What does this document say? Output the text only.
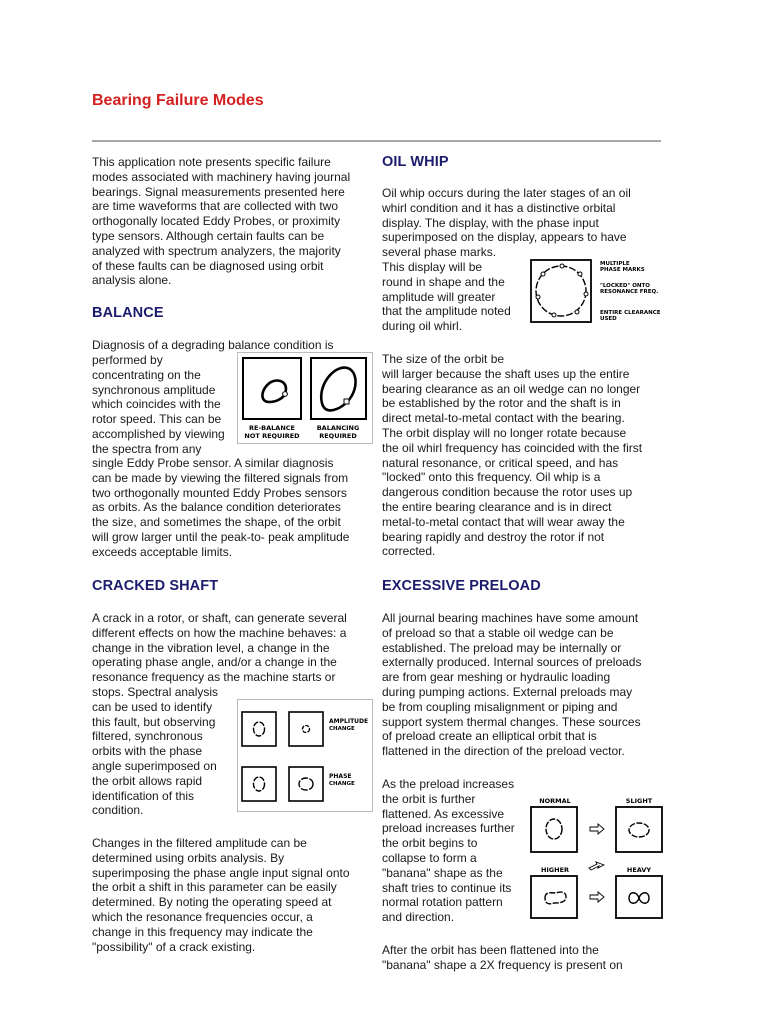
Bearing Failure Modes
This application note presents specific failure
modes associated with machinery having journal
bearings. Signal measurements presented here
are time waveforms that are collected with two
orthogonally located Eddy Probes, or proximity
type sensors. Although certain faults can be
analyzed with spectrum analyzers, the majority
of these faults can be diagnosed using orbit
analysis alone.
BALANCE
Diagnosis of a degrading balance condition is
performed by
concentrating on the
synchronous amplitude
which coincides with the
rotor speed. This can be
accomplished by viewing
the spectra from any
single Eddy Probe sensor. A similar diagnosis
can be made by viewing the filtered signals from
two orthogonally mounted Eddy Probes sensors
as orbits. As the balance condition deteriorates
the size, and sometimes the shape, of the orbit
will grow larger until the peak-to- peak amplitude
exceeds acceptable limits.
RE-BALANCE
NOT REQUIRED
BALANCING
REQUIRED
CRACKED SHAFT
A crack in a rotor, or shaft, can generate several
different effects on how the machine behaves: a
change in the vibration level, a change in the
operating phase angle, and/or a change in the
resonance frequency as the machine starts or
stops. Spectral analysis
can be used to identify
this fault, but observing
filtered, synchronous
orbits with the phase
angle superimposed on
the orbit allows rapid
identification of this
condition.
AMPLITUDE
CHANGE
PHASE
CHANGE
Changes in the filtered amplitude can be
determined using orbits analysis. By
superimposing the phase angle input signal onto
the orbit a shift in this parameter can be easily
determined. By noting the operating speed at
which the resonance frequencies occur, a
change in this frequency may indicate the
"possibility" of a crack existing.
OIL WHIP
Oil whip occurs during the later stages of an oil
whirl condition and it has a distinctive orbital
display. The display, with the phase input
superimposed on the display, appears to have
several phase marks.
This display will be
round in shape and the
amplitude will greater
that the amplitude noted
during oil whirl.
MULTIPLE
PHASE MARKS
"LOCKED" ONTO
RESONANCE FREQ.
ENTIRE CLEARANCE
USED
The size of the orbit be
will larger because the shaft uses up the entire
bearing clearance as an oil wedge can no longer
be established by the rotor and the shaft is in
direct metal-to-metal contact with the bearing.
The orbit display will no longer rotate because
the oil whirl frequency has coincided with the first
natural resonance, or critical speed, and has
"locked" onto this frequency. Oil whip is a
dangerous condition because the rotor uses up
the entire bearing clearance and is in direct
metal-to-metal contact that will wear away the
bearing rapidly and destroy the rotor if not
corrected.
EXCESSIVE PRELOAD
All journal bearing machines have some amount
of preload so that a stable oil wedge can be
established. The preload may be internally or
externally produced. Internal sources of preloads
are from gear meshing or hydraulic loading
during pumping actions. External preloads may
be from coupling misalignment or piping and
support system thermal changes. These sources
of preload create an elliptical orbit that is
flattened in the direction of the preload vector.
As the preload increases
the orbit is further
flattened. As excessive
preload increases further
the orbit begins to
collapse to form a
"banana" shape as the
shaft tries to continue its
normal rotation pattern
and direction.
NORMAL	SLIGHT
HIGHER	HEAVY
After the orbit has been flattened into the
"banana" shape a 2X frequency is present on
